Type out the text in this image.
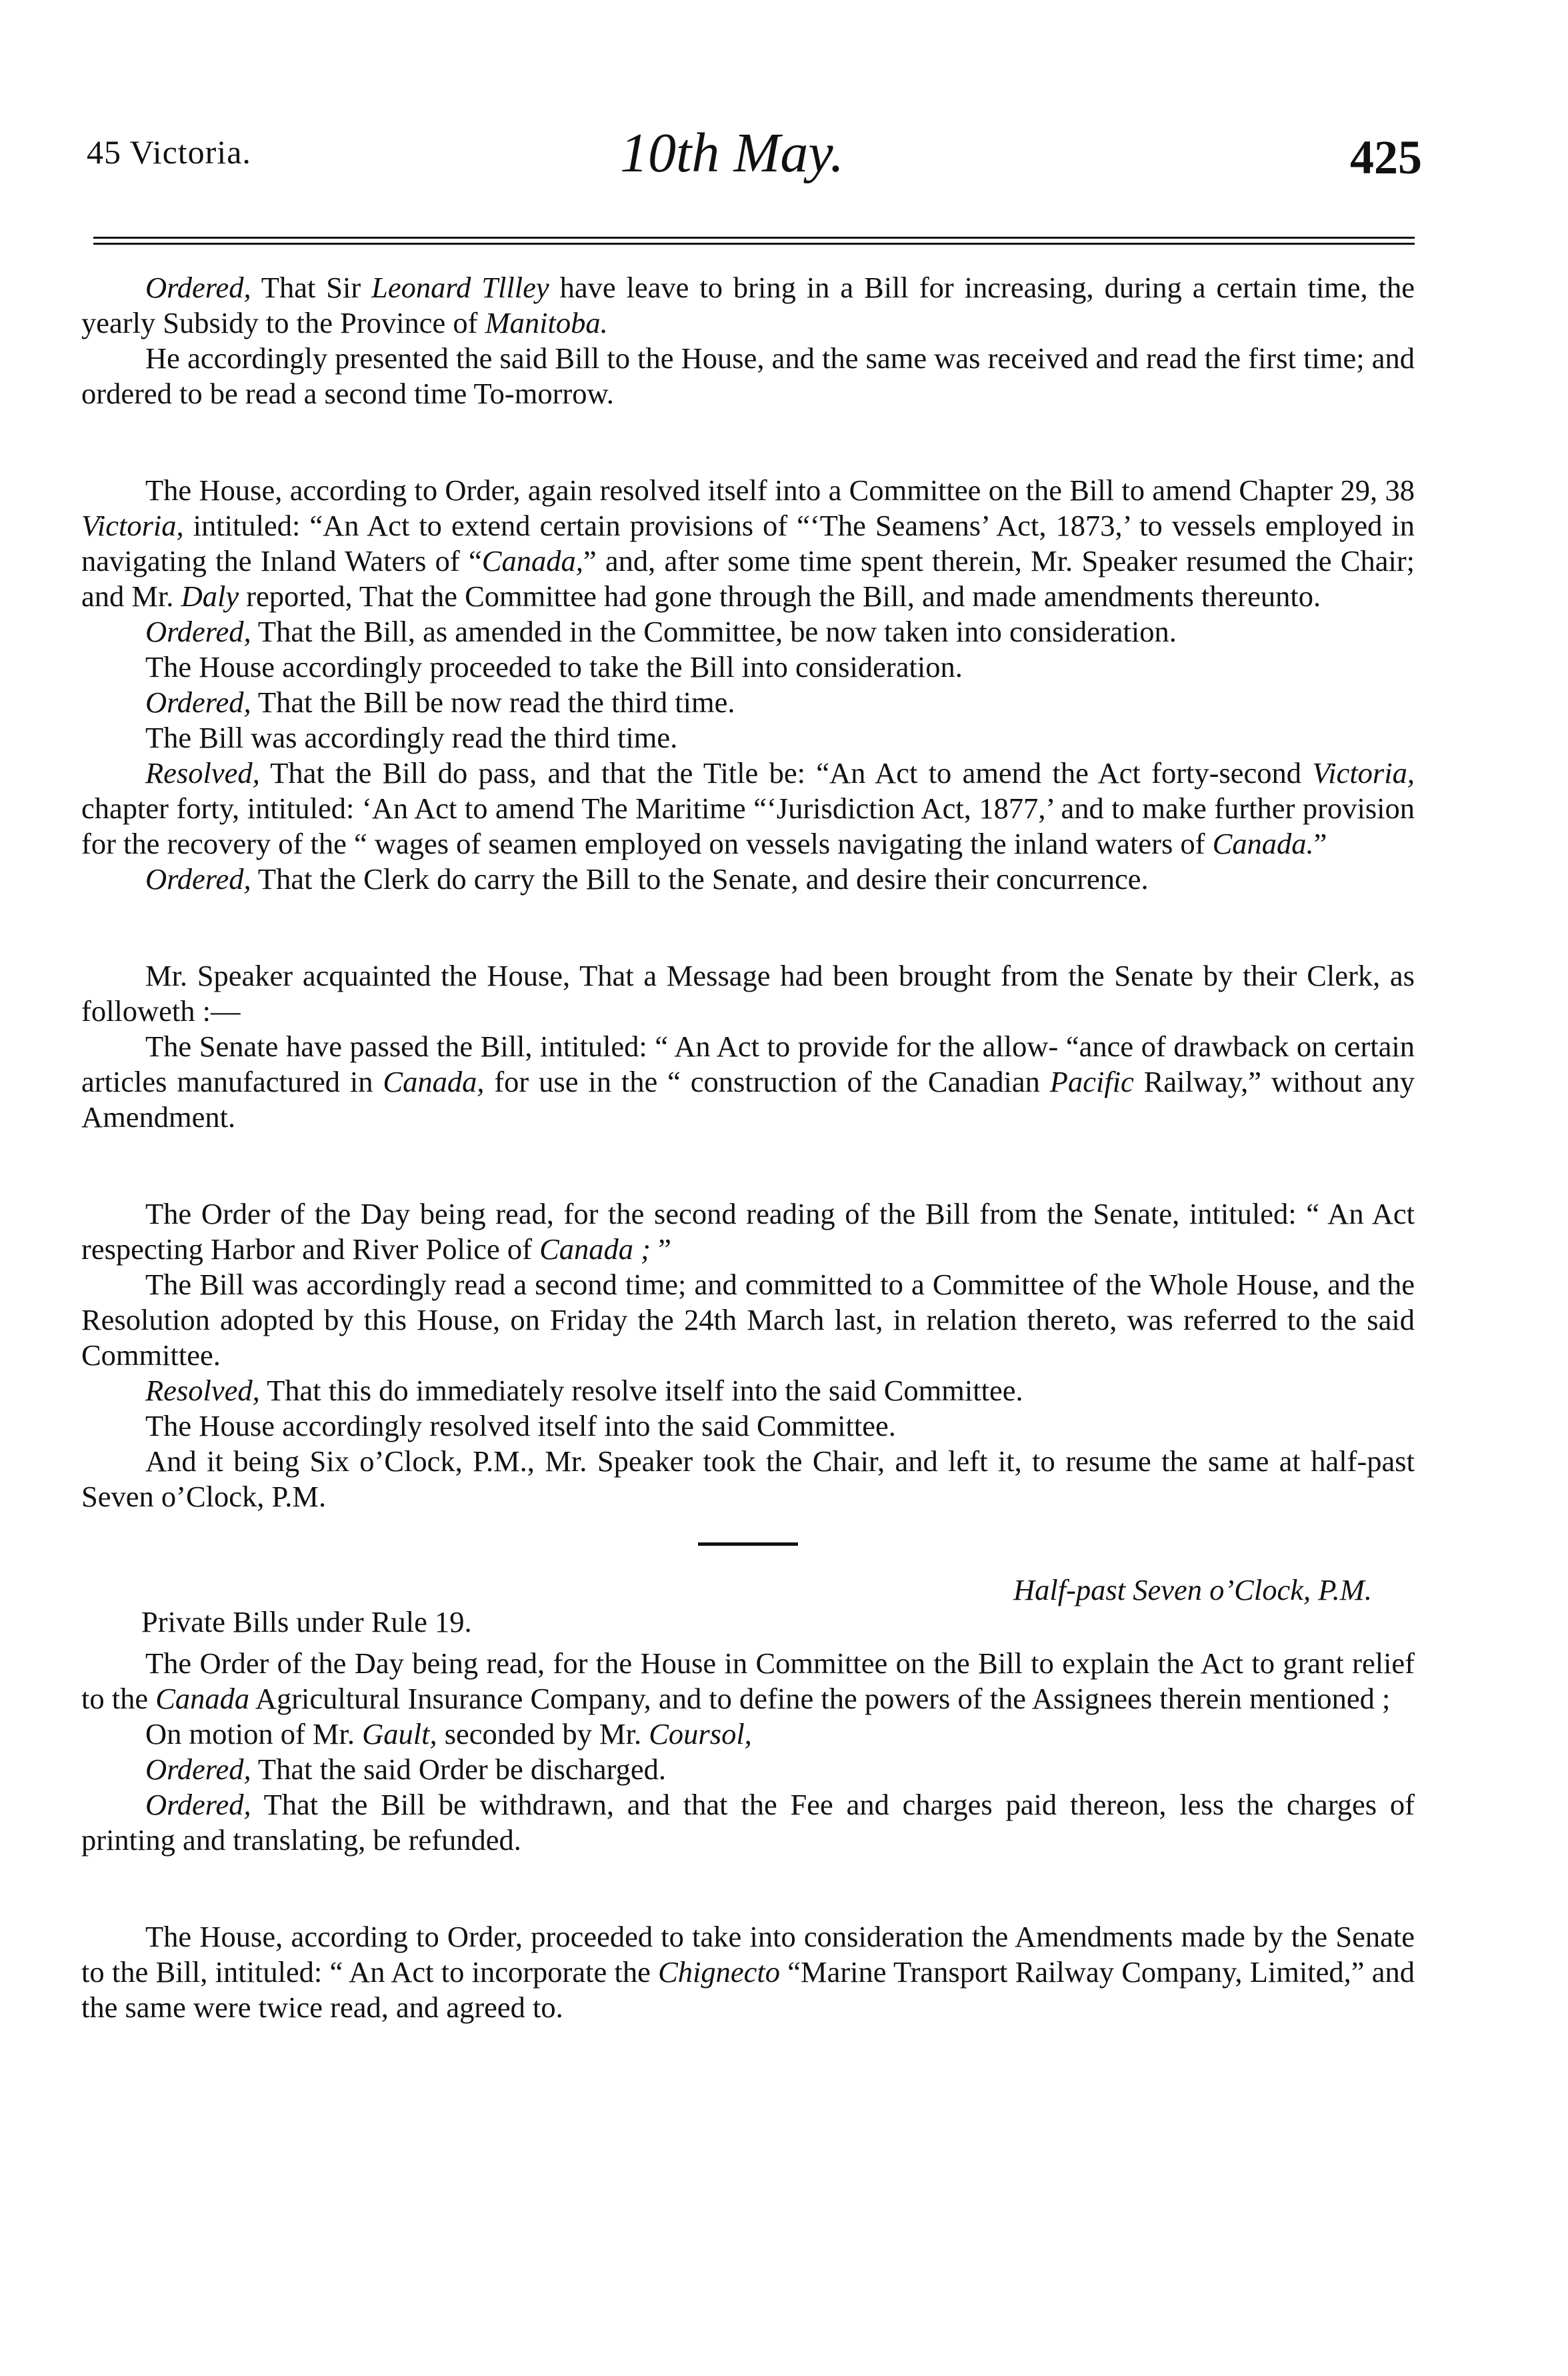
45 Victoria.	10th May.	425

Ordered, That Sir Leonard Tllley have leave to bring in a Bill for increasing, during a certain time, the yearly Subsidy to the Province of Manitoba.

He accordingly presented the said Bill to the House, and the same was received and read the first time; and ordered to be read a second time To-morrow.

The House, according to Order, again resolved itself into a Committee on the Bill to amend Chapter 29, 38 Victoria, intituled: “An Act to extend certain provisions of “‘The Seamens’ Act, 1873,’ to vessels employed in navigating the Inland Waters of “Canada,” and, after some time spent therein, Mr. Speaker resumed the Chair; and Mr. Daly reported, That the Committee had gone through the Bill, and made amendments thereunto.

Ordered, That the Bill, as amended in the Committee, be now taken into consideration.

The House accordingly proceeded to take the Bill into consideration.

Ordered, That the Bill be now read the third time.

The Bill was accordingly read the third time.

Resolved, That the Bill do pass, and that the Title be: “An Act to amend the Act forty-second Victoria, chapter forty, intituled: ‘An Act to amend The Maritime “‘Jurisdiction Act, 1877,’ and to make further provision for the recovery of the “ wages of seamen employed on vessels navigating the inland waters of Canada.”

Ordered, That the Clerk do carry the Bill to the Senate, and desire their concurrence.

Mr. Speaker acquainted the House, That a Message had been brought from the Senate by their Clerk, as followeth :—

The Senate have passed the Bill, intituled: “ An Act to provide for the allow- “ance of drawback on certain articles manufactured in Canada, for use in the “ construction of the Canadian Pacific Railway,” without any Amendment.

The Order of the Day being read, for the second reading of the Bill from the Senate, intituled: “ An Act respecting Harbor and River Police of Canada ; ”

The Bill was accordingly read a second time; and committed to a Committee of the Whole House, and the Resolution adopted by this House, on Friday the 24th March last, in relation thereto, was referred to the said Committee.

Resolved, That this do immediately resolve itself into the said Committee.

The House accordingly resolved itself into the said Committee.

And it being Six o’Clock, P.M., Mr. Speaker took the Chair, and left it, to resume the same at half-past Seven o’Clock, P.M.

Private Bills under Rule 19.
Half-past Seven o’Clock, P.M.

The Order of the Day being read, for the House in Committee on the Bill to explain the Act to grant relief to the Canada Agricultural Insurance Company, and to define the powers of the Assignees therein mentioned ;

On motion of Mr. Gault, seconded by Mr. Coursol,

Ordered, That the said Order be discharged.

Ordered, That the Bill be withdrawn, and that the Fee and charges paid thereon, less the charges of printing and translating, be refunded.

The House, according to Order, proceeded to take into consideration the Amendments made by the Senate to the Bill, intituled: “ An Act to incorporate the Chignecto “Marine Transport Railway Company, Limited,” and the same were twice read, and agreed to.
